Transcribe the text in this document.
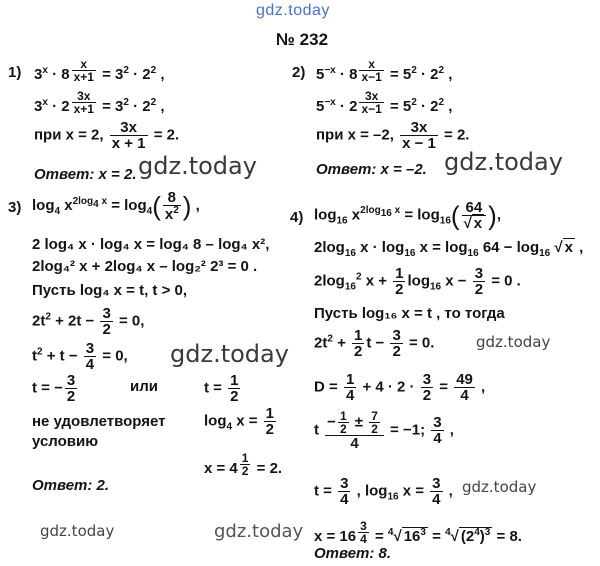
gdz.today
gdz.today	gdz.today
gdz.today	gdz.today
gdz.today
gdz.today	gdz.today
№ 232
1) $3^x \cdot 8$ $^{\frac{x}{x+1}} = 3^2 \cdot 2^2$ ,
$3^x \cdot 2$ $^{\frac{3x}{x+1}} = 3^2 \cdot 2^2$ ,
при x = 2, $\frac{3x}{x + 1} = 2$.
Ответ: x = 2.
2) $5^{-x} \cdot 8$ $^{\frac{x}{x-1}} = 5^2 \cdot 2^2$ ,
$5^{-x} \cdot 2$ $^{\frac{3x}{x-1}} = 5^2 \cdot 2^2$ ,
при x = –2, $\frac{3x}{x - 1} = 2$.
Ответ: x = –2.
3) $\log_4 x^{2log_4 x} = \log_4( \frac{8}{x^2}$ ) ,
2 log₄ x · log₄ x = log₄ 8 – log₄ x²,
2log₄² x + 2log₄ x – log₂² 2³ = 0 .
Пусть log₄ x = t, t > 0,
$2t^2 + 2t - \frac{3}{2} = 0$,
$t^2 + t - \frac{3}{4} = 0$,
t = − $\frac{3}{2}$	или	$t = \frac{1}{2}$
не удовлетворяет
условию
$\log_4 x = \frac{1}{2}$
x = 4 $^{\frac{1}{2}}$ = 2.
Ответ: 2.
4) $\log_{16} x^{2log_{16} x} = \log_{16}( \frac{64}{√ x}$ ),
$2\log_{16}$ $x \cdot \log_{16} x = \log_{16} 64 - \log_{16}$ √ x ,
$2\log_{16}^2$ $x + \frac{1}{2} \log_{16} x - \frac{3}{2} = 0$ .
Пусть log₁₆ x = t , то тогда
$2t^2 + \frac{1}{2}$ $t - \frac{3}{2} = 0$.
$D = \frac{1}{4} + 4 \cdot 2 \cdot \frac{3}{2} = \frac{49}{4}$ ,
t $\frac{- \frac{1}{2} \pm \frac{7}{2}}{4} = -1$; $\frac{3}{4}$ ,
$t = \frac{3}{4}$ , $\log_{16} x = \frac{3}{4}$ ,
x = 16 $^{\frac{3}{4}}$ = $^4$√ $16^3 = ^4√$ $(2^4)^3 = 8$.
Ответ: 8.
